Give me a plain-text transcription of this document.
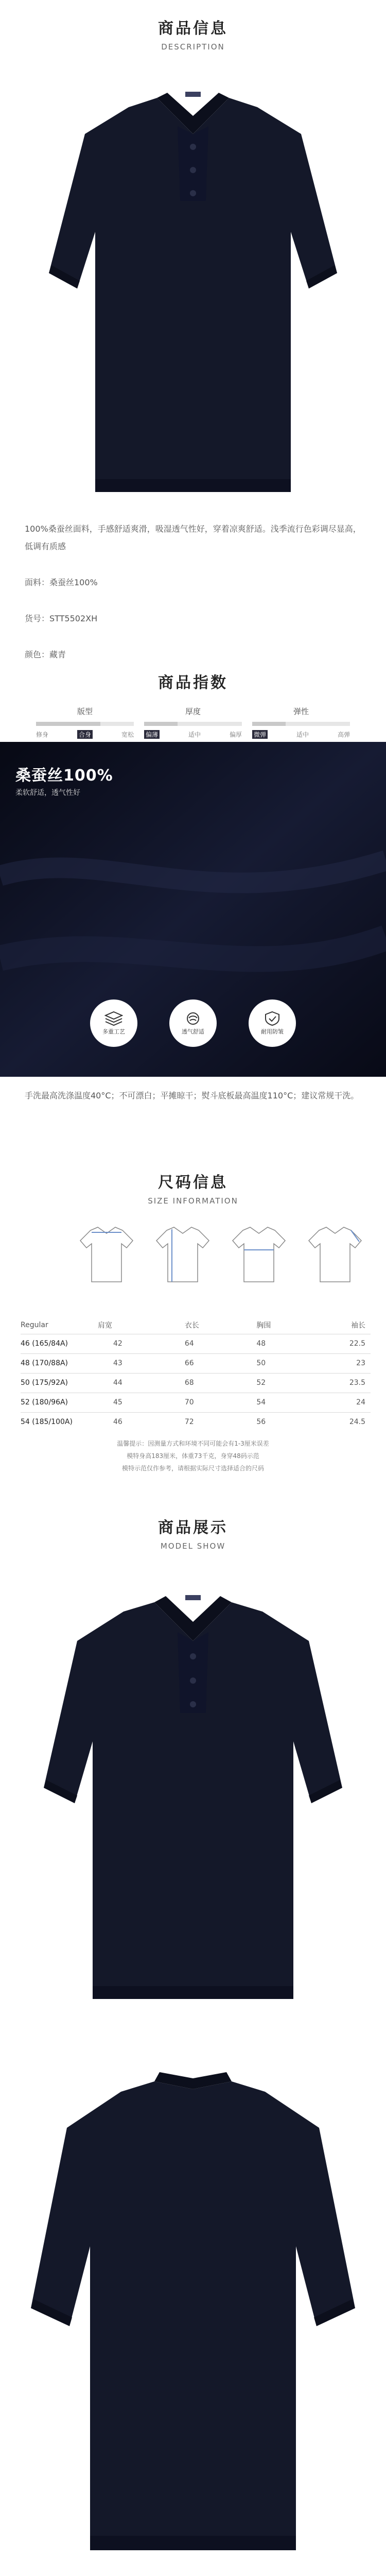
商品信息
DESCRIPTION

100%桑蚕丝面料，手感舒适爽滑，吸湿透气性好，穿着凉爽舒适。浅季流行色彩调尽显高，低调有质感

面料：桑蚕丝100%

货号：STT5502XH

颜色：藏青

商品指数
版型
修身	合身	宽松
厚度
偏薄	适中	偏厚
弹性
微弹	适中	高弹
桑蚕丝100%
柔软舒适，透气性好
多重工艺	透气舒适	耐用防皱

手洗最高洗涤温度40°C；不可漂白；平摊晾干；熨斗底板最高温度110°C；建议常规干洗。

尺码信息
SIZE INFORMATION
Regular	肩宽	衣长	胸围	袖长
46 (165/84A)	42	64	48	22.5
48 (170/88A)	43	66	50	23
50 (175/92A)	44	68	52	23.5
52 (180/96A)	45	70	54	24
54 (185/100A)	46	72	56	24.5

温馨提示：因测量方式和环境不同可能会有1-3厘米误差

模特身高183厘米，体重73千克，身穿48码示范

模特示范仅作参考，请根据实际尺寸选择适合的尺码

商品展示
MODEL SHOW
